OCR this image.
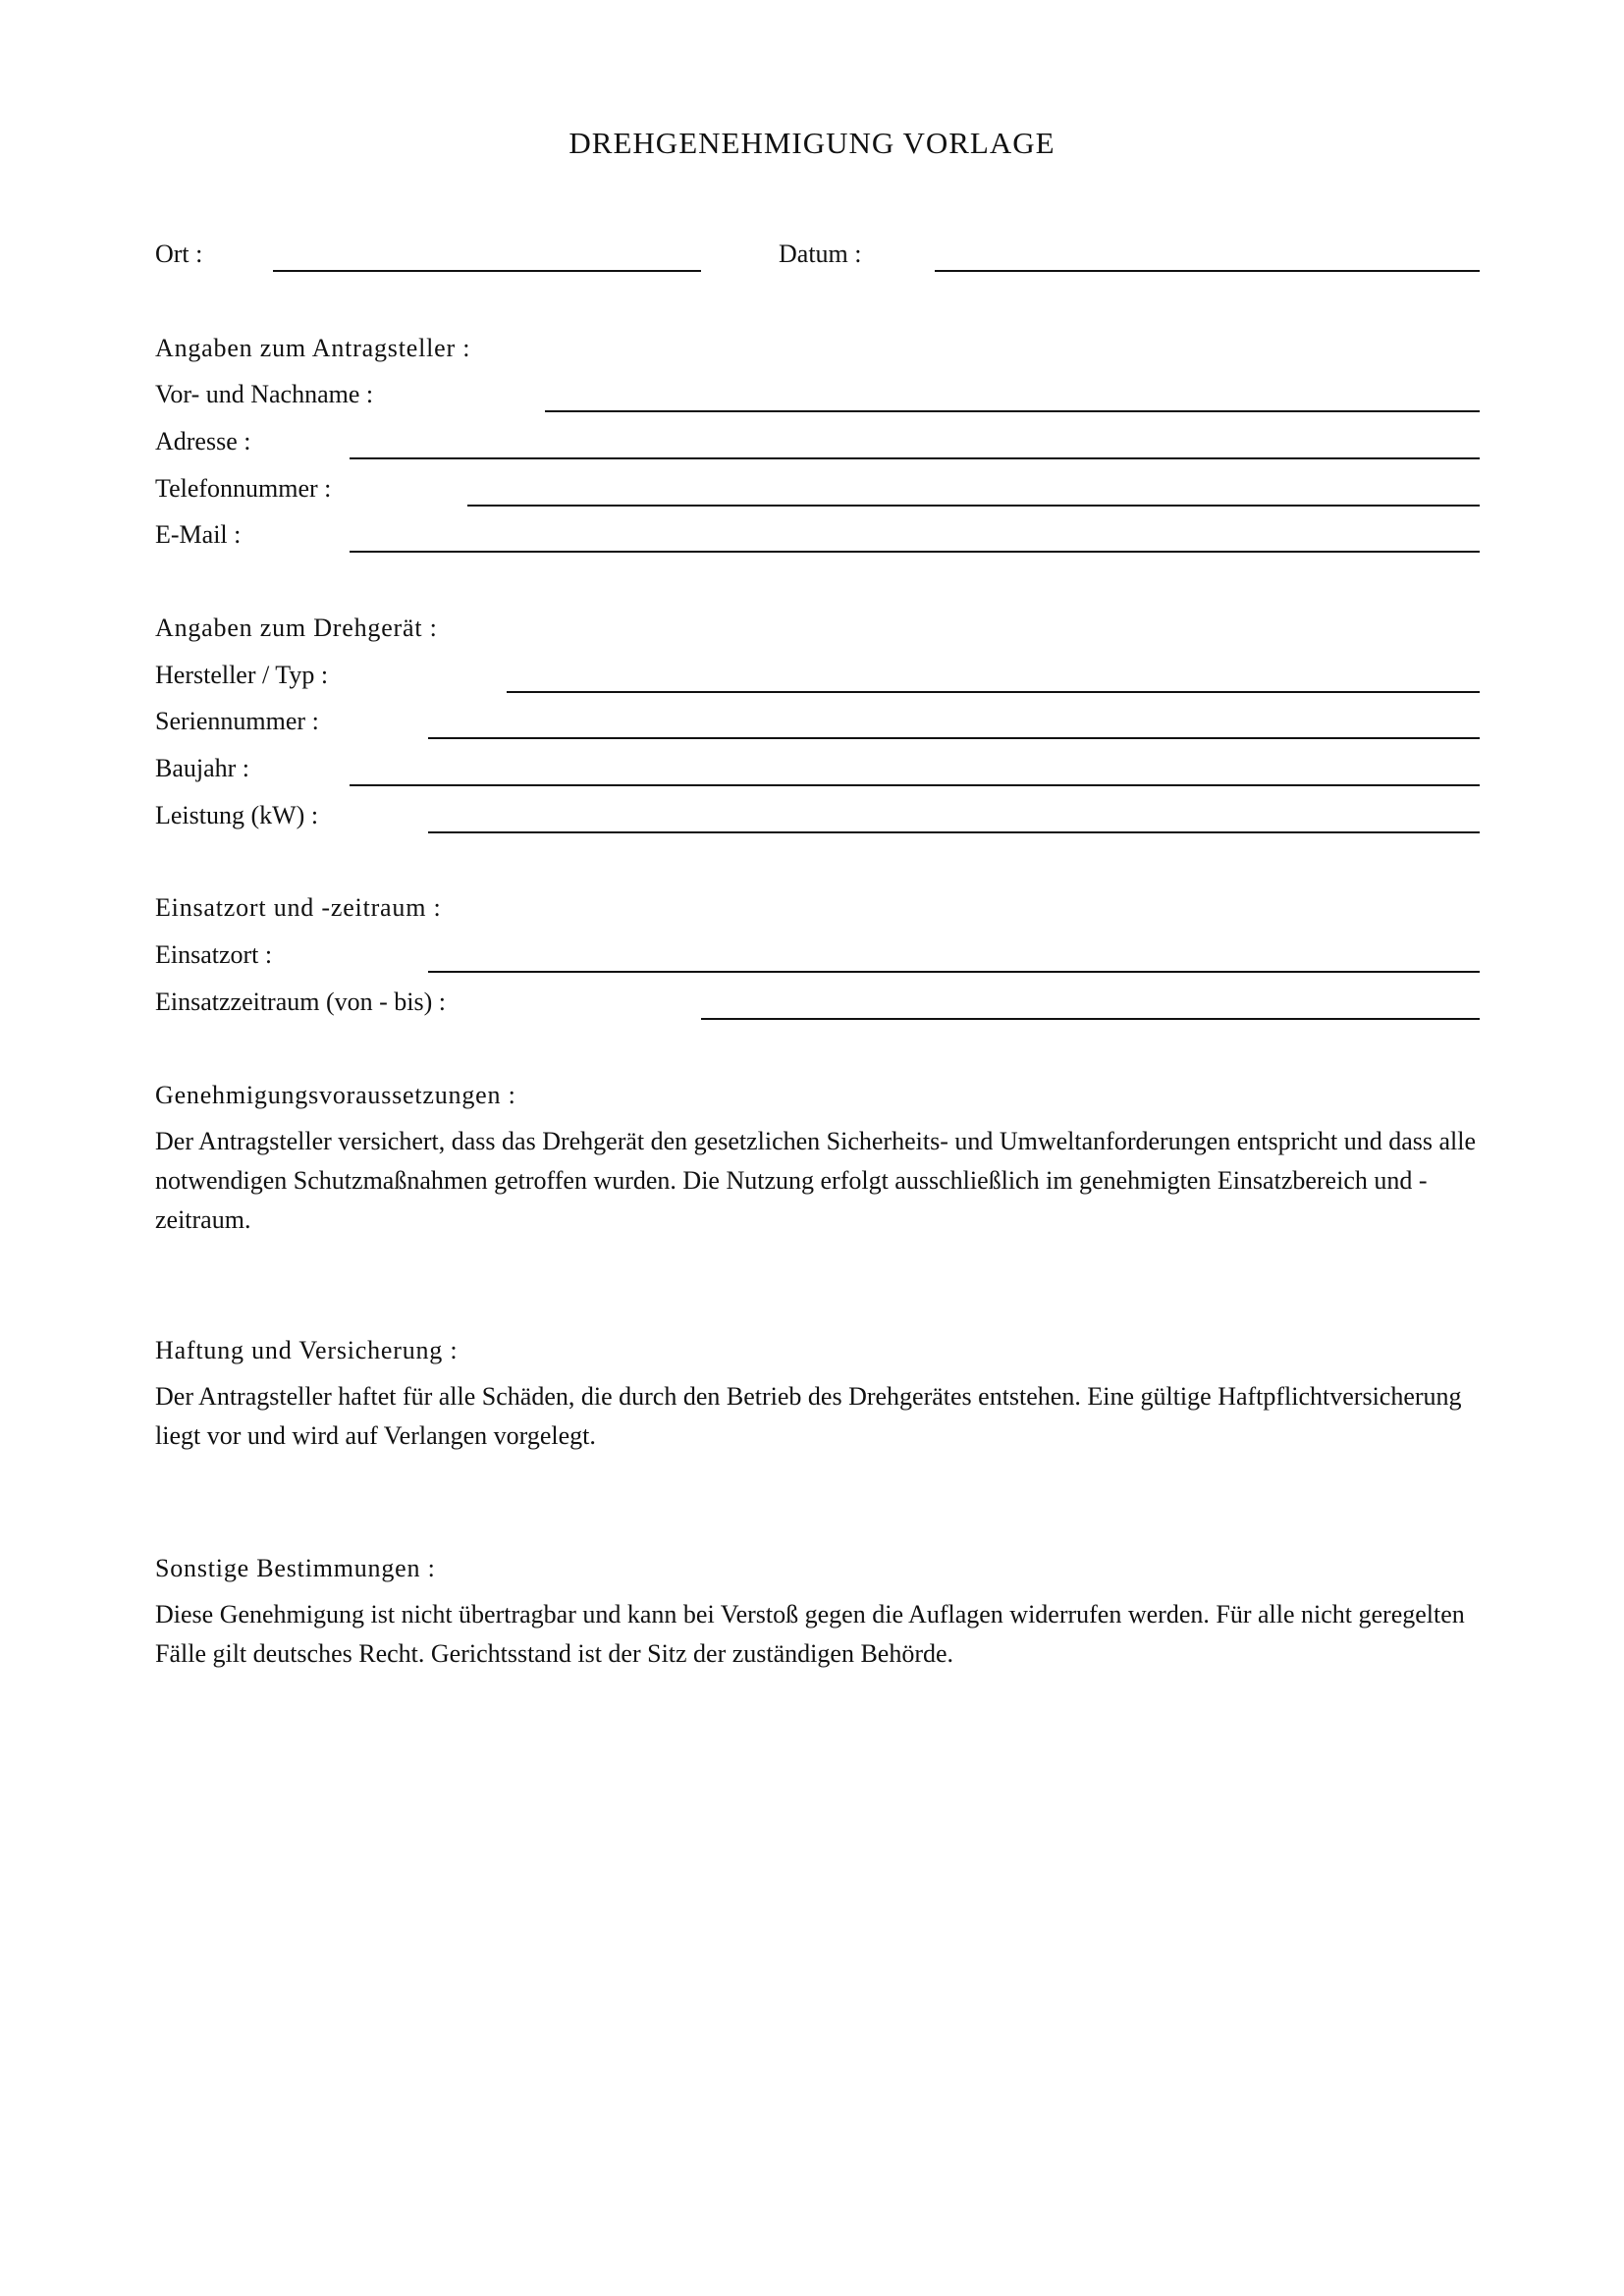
DREHGENEHMIGUNG VORLAGE
Ort :	Datum :
Angaben zum Antragsteller :
Vor- und Nachname :
Adresse :
Telefonnummer :
E-Mail :
Angaben zum Drehgerät :
Hersteller / Typ :
Seriennummer :
Baujahr :
Leistung (kW) :
Einsatzort und -zeitraum :
Einsatzort :
Einsatzzeitraum (von - bis) :
Genehmigungsvoraussetzungen :

Der Antragsteller versichert, dass das Drehgerät den gesetzlichen Sicherheits- und Umweltanforderungen entspricht und dass alle notwendigen Schutzmaßnahmen getroffen wurden. Die Nutzung erfolgt ausschließlich im genehmigten Einsatzbereich und -zeitraum.

Haftung und Versicherung :

Der Antragsteller haftet für alle Schäden, die durch den Betrieb des Drehgerätes entstehen. Eine gültige Haftpflichtversicherung liegt vor und wird auf Verlangen vorgelegt.

Sonstige Bestimmungen :

Diese Genehmigung ist nicht übertragbar und kann bei Verstoß gegen die Auflagen widerrufen werden. Für alle nicht geregelten Fälle gilt deutsches Recht. Gerichtsstand ist der Sitz der zuständigen Behörde.
